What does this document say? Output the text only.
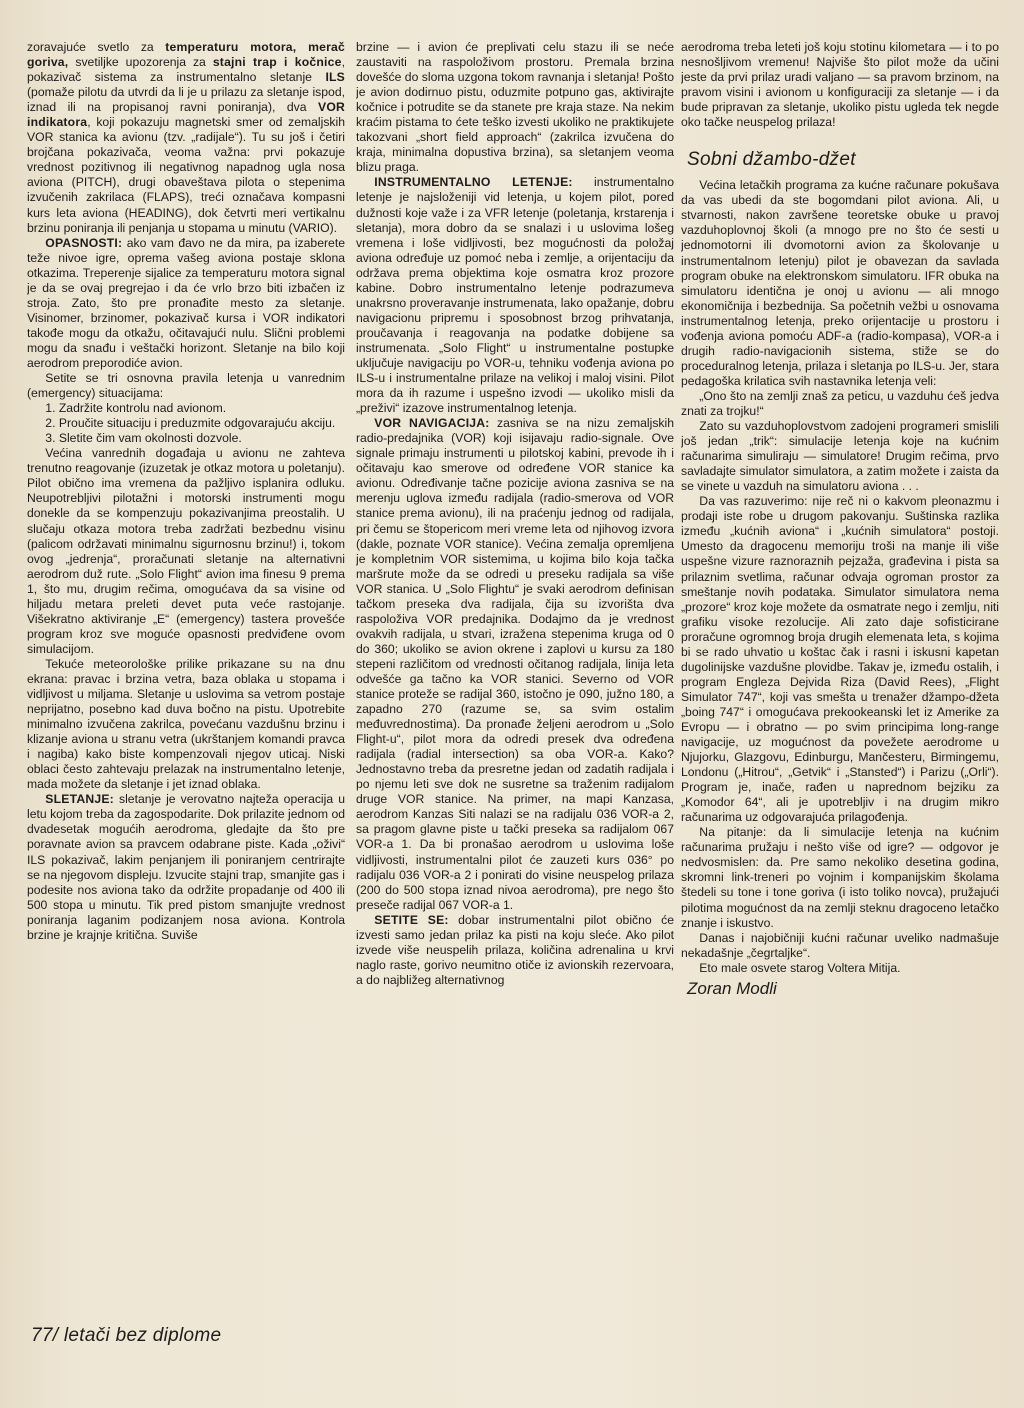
zoravajuće svetlo za temperaturu motora, merač goriva, svetiljke upozorenja za stajni trap i kočnice, pokazivač sistema za instrumentalno sletanje ILS (pomaže pilotu da utvrdi da li je u prilazu za sletanje ispod, iznad ili na propisanoj ravni poniranja), dva VOR indikatora, koji pokazuju magnetski smer od zemaljskih VOR stanica ka avionu (tzv. „radijale“). Tu su još i četiri brojčana pokazivača, veoma važna: prvi pokazuje vrednost pozitivnog ili negativnog napadnog ugla nosa aviona (PITCH), drugi obaveštava pilota o stepenima izvučenih zakrilaca (FLAPS), treći označava kompasni kurs leta aviona (HEADING), dok četvrti meri vertikalnu brzinu poniranja ili penjanja u stopama u minutu (VARIO).

OPASNOSTI: ako vam đavo ne da mira, pa izaberete teže nivoe igre, oprema vašeg aviona postaje sklona otkazima. Treperenje sijalice za temperaturu motora signal je da se ovaj pregrejao i da će vrlo brzo biti izbačen iz stroja. Zato, što pre pronađite mesto za sletanje. Visinomer, brzinomer, pokazivač kursa i VOR indikatori takođe mogu da otkažu, očitavajući nulu. Slični problemi mogu da snađu i veštački horizont. Sletanje na bilo koji aerodrom preporodiće avion.

Setite se tri osnovna pravila letenja u vanrednim (emergency) situacijama:

1. Zadržite kontrolu nad avionom.

2. Proučite situaciju i preduzmite odgovarajuću akciju.

3. Sletite čim vam okolnosti dozvole.

Većina vanrednih događaja u avionu ne zahteva trenutno reagovanje (izuzetak je otkaz motora u poletanju). Pilot obično ima vremena da pažljivo isplanira odluku. Neupotrebljivi pilotažni i motorski instrumenti mogu donekle da se kompenzuju pokazivanjima preostalih. U slučaju otkaza motora treba zadržati bezbednu visinu (palicom održavati minimalnu sigurnosnu brzinu!) i, tokom ovog „jedrenja“, proračunati sletanje na alternativni aerodrom duž rute. „Solo Flight“ avion ima finesu 9 prema 1, što mu, drugim rečima, omogućava da sa visine od hiljadu metara preleti devet puta veće rastojanje. Višekratno aktiviranje „E“ (emergency) tastera provešće program kroz sve moguće opasnosti predviđene ovom simulacijom.

Tekuće meteorološke prilike prikazane su na dnu ekrana: pravac i brzina vetra, baza oblaka u stopama i vidljivost u miljama. Sletanje u uslovima sa vetrom postaje neprijatno, posebno kad duva bočno na pistu. Upotrebite minimalno izvučena zakrilca, povećanu vazdušnu brzinu i klizanje aviona u stranu vetra (ukrštanjem komandi pravca i nagiba) kako biste kompenzovali njegov uticaj. Niski oblaci često zahtevaju prelazak na instrumentalno letenje, mada možete da sletanje i jet iznad oblaka.

SLETANJE: sletanje je verovatno najteža operacija u letu kojom treba da zagospodarite. Dok prilazite jednom od dvadesetak mogućih aerodroma, gledajte da što pre poravnate avion sa pravcem odabrane piste. Kada „oživi“ ILS pokazivač, lakim penjanjem ili poniranjem centrirajte se na njegovom displeju. Izvucite stajni trap, smanjite gas i podesite nos aviona tako da održite propadanje od 400 ili 500 stopa u minutu. Tik pred pistom smanjujte vrednost poniranja laganim podizanjem nosa aviona. Kontrola brzine je krajnje kritična. Suviše

brzine — i avion će preplivati celu stazu ili se neće zaustaviti na raspoloživom prostoru. Premala brzina dovešće do sloma uzgona tokom ravnanja i sletanja! Pošto je avion dodirnuo pistu, oduzmite potpuno gas, aktivirajte kočnice i potrudite se da stanete pre kraja staze. Na nekim kraćim pistama to ćete teško izvesti ukoliko ne praktikujete takozvani „short field approach“ (zakrilca izvučena do kraja, minimalna dopustiva brzina), sa sletanjem veoma blizu praga.

INSTRUMENTALNO LETENJE: instrumentalno letenje je najsloženiji vid letenja, u kojem pilot, pored dužnosti koje važe i za VFR letenje (poletanja, krstarenja i sletanja), mora dobro da se snalazi i u uslovima lošeg vremena i loše vidljivosti, bez mogućnosti da položaj aviona određuje uz pomoć neba i zemlje, a orijentaciju da održava prema objektima koje osmatra kroz prozore kabine. Dobro instrumentalno letenje podrazumeva unakrsno proveravanje instrumenata, lako opažanje, dobru navigacionu pripremu i sposobnost brzog prihvatanja, proučavanja i reagovanja na podatke dobijene sa instrumenata. „Solo Flight“ u instrumentalne postupke uključuje navigaciju po VOR-u, tehniku vođenja aviona po ILS-u i instrumentalne prilaze na velikoj i maloj visini. Pilot mora da ih razume i uspešno izvodi — ukoliko misli da „preživi“ izazove instrumentalnog letenja.

VOR NAVIGACIJA: zasniva se na nizu zemaljskih radio-predajnika (VOR) koji isijavaju radio-signale. Ove signale primaju instrumenti u pilotskoj kabini, prevode ih i očitavaju kao smerove od određene VOR stanice ka avionu. Određivanje tačne pozicije aviona zasniva se na merenju uglova između radijala (radio-smerova od VOR stanice prema avionu), ili na praćenju jednog od radijala, pri čemu se štopericom meri vreme leta od njihovog izvora (dakle, poznate VOR stanice). Većina zemalja opremljena je kompletnim VOR sistemima, u kojima bilo koja tačka maršrute može da se odredi u preseku radijala sa više VOR stanica. U „Solo Flightu“ je svaki aerodrom definisan tačkom preseka dva radijala, čija su izvorišta dva raspoloživa VOR predajnika. Dodajmo da je vrednost ovakvih radijala, u stvari, izražena stepenima kruga od 0 do 360; ukoliko se avion okrene i zaplovi u kursu za 180 stepeni različitom od vrednosti očitanog radijala, linija leta odvešće ga tačno ka VOR stanici. Severno od VOR stanice proteže se radijal 360, istočno je 090, južno 180, a zapadno 270 (razume se, sa svim ostalim međuvrednostima). Da pronađe željeni aerodrom u „Solo Flight-u“, pilot mora da odredi presek dva određena radijala (radial intersection) sa oba VOR-a. Kako? Jednostavno treba da presretne jedan od zadatih radijala i po njemu leti sve dok ne susretne sa traženim radijalom druge VOR stanice. Na primer, na mapi Kanzasa, aerodrom Kanzas Siti nalazi se na radijalu 036 VOR-a 2, sa pragom glavne piste u tački preseka sa radijalom 067 VOR-a 1. Da bi pronašao aerodrom u uslovima loše vidljivosti, instrumentalni pilot će zauzeti kurs 036° po radijalu 036 VOR-a 2 i ponirati do visine neuspelog prilaza (200 do 500 stopa iznad nivoa aerodroma), pre nego što preseče radijal 067 VOR-a 1.

SETITE SE: dobar instrumentalni pilot obično će izvesti samo jedan prilaz ka pisti na koju sleće. Ako pilot izvede više neuspelih prilaza, količina adrenalina u krvi naglo raste, gorivo neumitno otiče iz avionskih rezervoara, a do najbližeg alternativnog

aerodroma treba leteti još koju stotinu kilometara — i to po nesnošljivom vremenu! Najviše što pilot može da učini jeste da prvi prilaz uradi valjano — sa pravom brzinom, na pravom visini i avionom u konfiguraciji za sletanje — i da bude pripravan za sletanje, ukoliko pistu ugleda tek negde oko tačke neuspelog prilaza!

Sobni džambo-džet

Većina letačkih programa za kućne računare pokušava da vas ubedi da ste bogomdani pilot aviona. Ali, u stvarnosti, nakon završene teoretske obuke u pravoj vazduhoplovnoj školi (a mnogo pre no što će sesti u jednomotorni ili dvomotorni avion za školovanje u instrumentalnom letenju) pilot je obavezan da savlada program obuke na elektronskom simulatoru. IFR obuka na simulatoru identična je onoj u avionu — ali mnogo ekonomičnija i bezbednija. Sa početnih vežbi u osnovama instrumentalnog letenja, preko orijentacije u prostoru i vođenja aviona pomoću ADF-a (radio-kompasa), VOR-a i drugih radio-navigacionih sistema, stiže se do proceduralnog letenja, prilaza i sletanja po ILS-u. Jer, stara pedagoška krilatica svih nastavnika letenja veli:

„Ono što na zemlji znaš za peticu, u vazduhu ćeš jedva znati za trojku!“

Zato su vazduhoplovstvom zadojeni programeri smislili još jedan „trik“: simulacije letenja koje na kućnim računarima simuliraju — simulatore! Drugim rečima, prvo savladajte simulator simulatora, a zatim možete i zaista da se vinete u vazduh na simulatoru aviona . . .

Da vas razuverimo: nije reč ni o kakvom pleonazmu i prodaji iste robe u drugom pakovanju. Suštinska razlika između „kućnih aviona“ i „kućnih simulatora“ postoji. Umesto da dragocenu memoriju troši na manje ili više uspešne vizure raznoraznih pejzaža, građevina i pista sa prilaznim svetlima, računar odvaja ogroman prostor za smeštanje novih podataka. Simulator simulatora nema „prozore“ kroz koje možete da osmatrate nego i zemlju, niti grafiku visoke rezolucije. Ali zato daje sofisticirane proračune ogromnog broja drugih elemenata leta, s kojima bi se rado uhvatio u koštac čak i rasni i iskusni kapetan dugolinijske vazdušne plovidbe. Takav je, između ostalih, i program Engleza Dejvida Riza (David Rees), „Flight Simulator 747“, koji vas smešta u trenažer džampo-džeta „boing 747“ i omogućava prekookeanski let iz Amerike za Evropu — i obratno — po svim principima long-range navigacije, uz mogućnost da povežete aerodrome u Njujorku, Glazgovu, Edinburgu, Mančesteru, Birmingemu, Londonu („Hitrou“, „Getvik“ i „Stansted“) i Parizu („Orli“). Program je, inače, rađen u naprednom bejziku za „Komodor 64“, ali je upotrebljiv i na drugim mikro računarima uz odgovarajuća prilagođenja.

Na pitanje: da li simulacije letenja na kućnim računarima pružaju i nešto više od igre? — odgovor je nedvosmislen: da. Pre samo nekoliko desetina godina, skromni link-treneri po vojnim i kompanijskim školama štedeli su tone i tone goriva (i isto toliko novca), pružajući pilotima mogućnost da na zemlji steknu dragoceno letačko znanje i iskustvo.

Danas i najobičniji kućni računar uveliko nadmašuje nekadašnje „čegrtaljke“.

Eto male osvete starog Voltera Mitija.

Zoran Modli
77/ letači bez diplome
